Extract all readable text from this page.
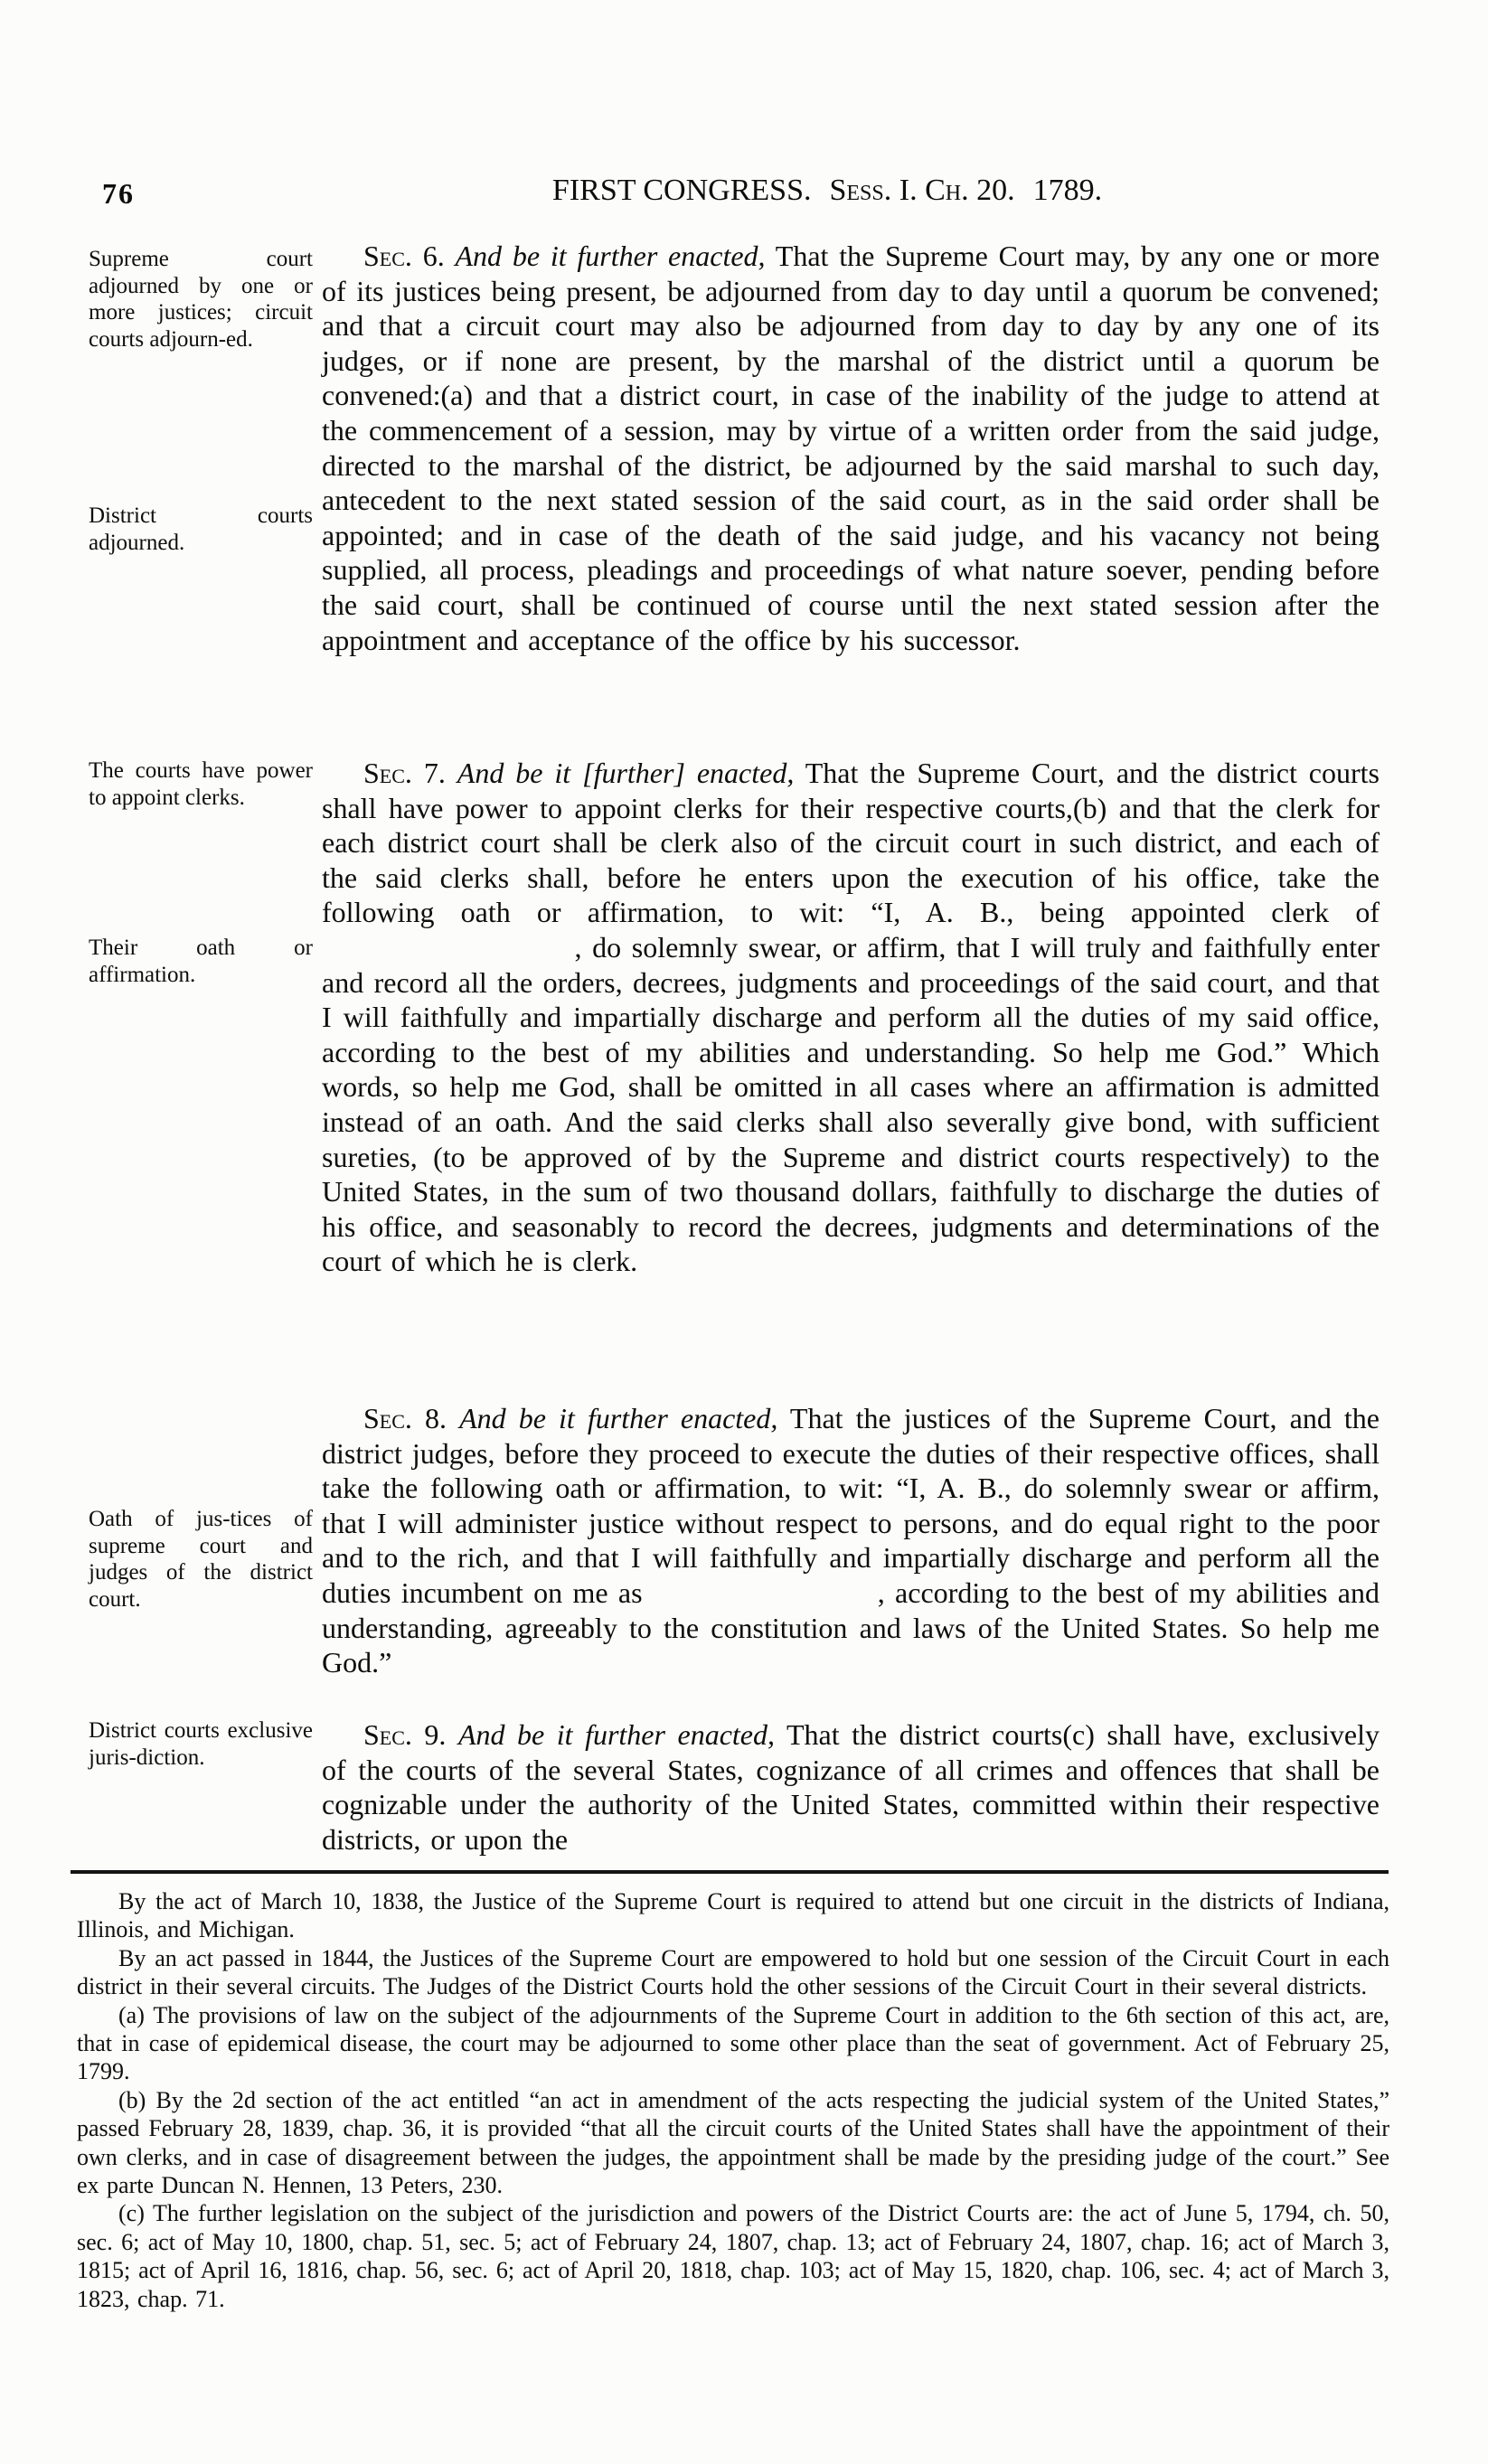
76	FIRST CONGRESS. Sess. I. Ch. 20. 1789.
Supreme court adjourned by one or more justices; circuit courts adjourn-ed.
District courts adjourned.
The courts have power to appoint clerks.
Their oath or affirmation.
Oath of jus-tices of supreme court and judges of the district court.
District courts exclusive juris-diction.
Sec. 6. And be it further enacted, That the Supreme Court may, by any one or more of its justices being present, be adjourned from day to day until a quorum be convened; and that a circuit court may also be adjourned from day to day by any one of its judges, or if none are present, by the marshal of the district until a quorum be convened:(a) and that a district court, in case of the inability of the judge to attend at the commencement of a session, may by virtue of a written order from the said judge, directed to the marshal of the district, be adjourned by the said marshal to such day, antecedent to the next stated session of the said court, as in the said order shall be appointed; and in case of the death of the said judge, and his vacancy not being supplied, all process, pleadings and proceedings of what nature soever, pending before the said court, shall be continued of course until the next stated session after the appointment and acceptance of the office by his successor.
Sec. 7. And be it [further] enacted, That the Supreme Court, and the district courts shall have power to appoint clerks for their respective courts,(b) and that the clerk for each district court shall be clerk also of the circuit court in such district, and each of the said clerks shall, before he enters upon the execution of his office, take the following oath or affirmation, to wit: “I, A. B., being appointed clerk of                         , do solemnly swear, or affirm, that I will truly and faithfully enter and record all the orders, decrees, judgments and proceedings of the said court, and that I will faithfully and impartially discharge and perform all the duties of my said office, according to the best of my abilities and understanding. So help me God.” Which words, so help me God, shall be omitted in all cases where an affirmation is admitted instead of an oath. And the said clerks shall also severally give bond, with sufficient sureties, (to be approved of by the Supreme and district courts respectively) to the United States, in the sum of two thousand dollars, faithfully to discharge the duties of his office, and seasonably to record the decrees, judgments and determinations of the court of which he is clerk.
Sec. 8. And be it further enacted, That the justices of the Supreme Court, and the district judges, before they proceed to execute the duties of their respective offices, shall take the following oath or affirmation, to wit: “I, A. B., do solemnly swear or affirm, that I will administer justice without respect to persons, and do equal right to the poor and to the rich, and that I will faithfully and impartially discharge and perform all the duties incumbent on me as                       , according to the best of my abilities and understanding, agreeably to the constitution and laws of the United States. So help me God.”
Sec. 9. And be it further enacted, That the district courts(c) shall have, exclusively of the courts of the several States, cognizance of all crimes and offences that shall be cognizable under the authority of the United States, committed within their respective districts, or upon the

By the act of March 10, 1838, the Justice of the Supreme Court is required to attend but one circuit in the districts of Indiana, Illinois, and Michigan.

By an act passed in 1844, the Justices of the Supreme Court are empowered to hold but one session of the Circuit Court in each district in their several circuits. The Judges of the District Courts hold the other sessions of the Circuit Court in their several districts.

(a) The provisions of law on the subject of the adjournments of the Supreme Court in addition to the 6th section of this act, are, that in case of epidemical disease, the court may be adjourned to some other place than the seat of government. Act of February 25, 1799.

(b) By the 2d section of the act entitled “an act in amendment of the acts respecting the judicial system of the United States,” passed February 28, 1839, chap. 36, it is provided “that all the circuit courts of the United States shall have the appointment of their own clerks, and in case of disagreement between the judges, the appointment shall be made by the presiding judge of the court.” See ex parte Duncan N. Hennen, 13 Peters, 230.

(c) The further legislation on the subject of the jurisdiction and powers of the District Courts are: the act of June 5, 1794, ch. 50, sec. 6; act of May 10, 1800, chap. 51, sec. 5; act of February 24, 1807, chap. 13; act of February 24, 1807, chap. 16; act of March 3, 1815; act of April 16, 1816, chap. 56, sec. 6; act of April 20, 1818, chap. 103; act of May 15, 1820, chap. 106, sec. 4; act of March 3, 1823, chap. 71.
